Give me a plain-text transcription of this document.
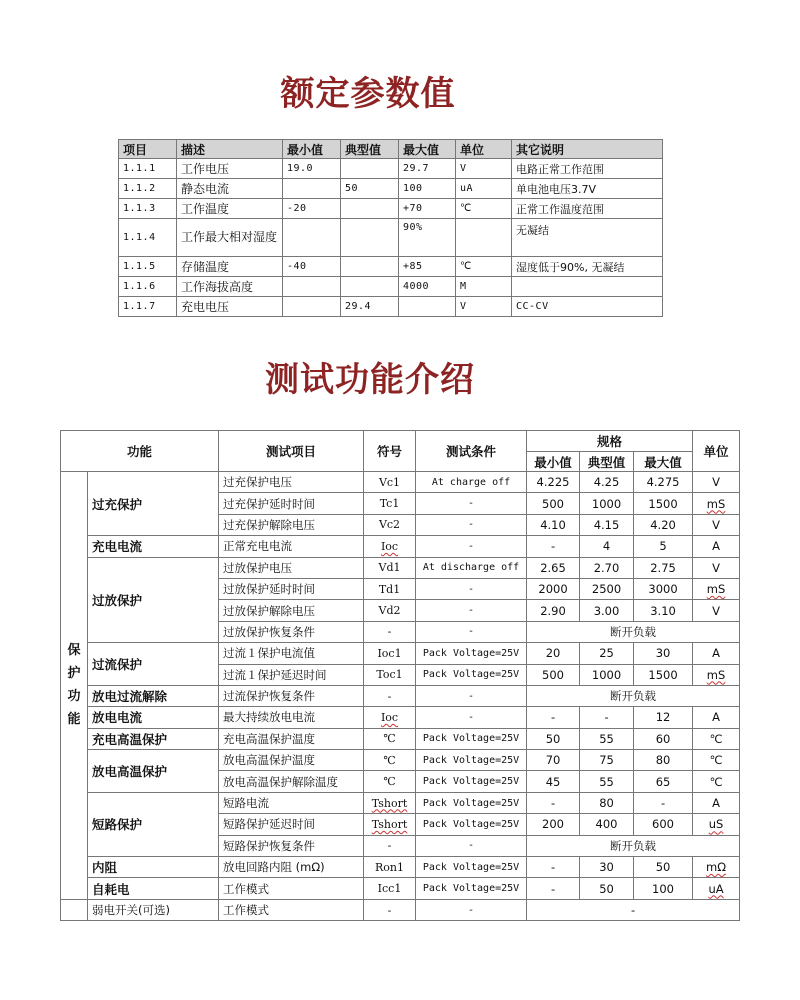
额定参数值
项目	描述	最小值	典型值	最大值	单位	其它说明
1.1.1	工作电压	19.0		29.7	V	电路正常工作范围
1.1.2	静态电流		50	100	uA	单电池电压3.7V
1.1.3	工作温度	-20		+70	℃	正常工作温度范围
1.1.4	工作最大相对湿度			90%		无凝结
1.1.5	存储温度	-40		+85	℃	湿度低于90%, 无凝结
1.1.6	工作海拔高度			4000	M	
1.1.7	充电电压		29.4		V	CC-CV
测试功能介绍
功能		测试项目	符号	测试条件	规格			单位
					最小值	典型值	最大值	

保护功能	过充保护	过充保护电压	Vc1	At charge off	4.225	4.25	4.275	V
		过充保护延时时间	Tc1	-	500	1000	1500	mS
		过充保护解除电压	Vc2	-	4.10	4.15	4.20	V
	充电电流	正常充电电流	Ioc	-	-	4	5	A
	过放保护	过放保护电压	Vd1	At discharge off	2.65	2.70	2.75	V
		过放保护延时时间	Td1	-	2000	2500	3000	mS
		过放保护解除电压	Vd2	-	2.90	3.00	3.10	V
		过放保护恢复条件	-	-	断开负载			
	过流保护	过流１保护电流值	Ioc1	Pack Voltage=25V	20	25	30	A
		过流１保护延迟时间	Toc1	Pack Voltage=25V	500	1000	1500	mS
	放电过流解除	过流保护恢复条件	-	-	断开负载			
	放电电流	最大持续放电电流	Ioc	-	-	-	12	A
	充电高温保护	充电高温保护温度	℃	Pack Voltage=25V	50	55	60	℃
	放电高温保护	放电高温保护温度	℃	Pack Voltage=25V	70	75	80	℃
		放电高温保护解除温度	℃	Pack Voltage=25V	45	55	65	℃
	短路保护	短路电流	Tshort	Pack Voltage=25V	-	80	-	A
		短路保护延迟时间	Tshort	Pack Voltage=25V	200	400	600	uS
		短路保护恢复条件	-	-	断开负载			
	内阻	放电回路内阻 (mΩ)	Ron1	Pack Voltage=25V	-	30	50	mΩ
	自耗电	工作模式	Icc1	Pack Voltage=25V	-	50	100	uA
	弱电开关(可选)	工作模式	-	-	-			
